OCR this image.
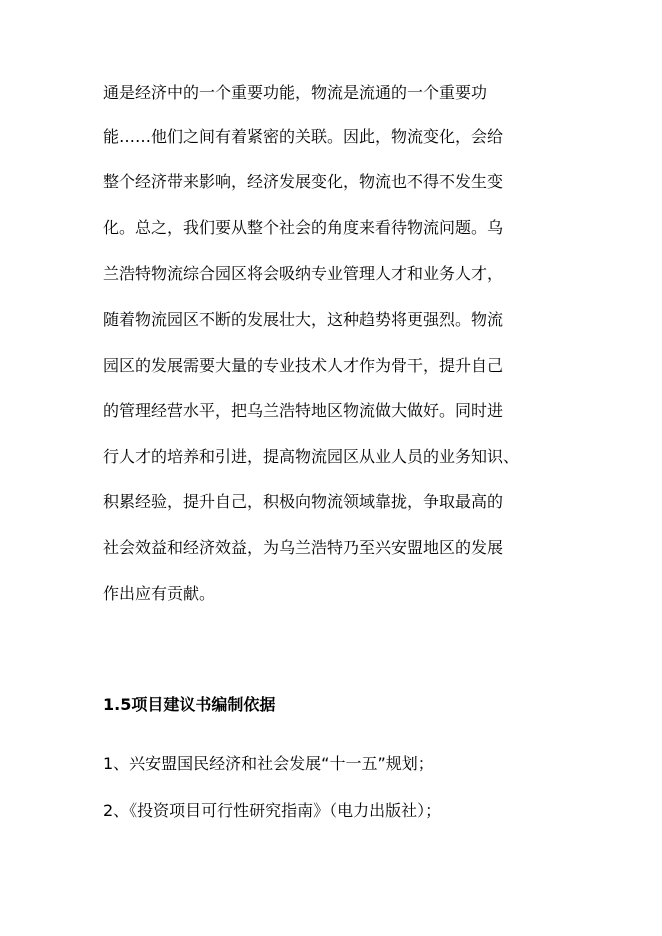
通是经济中的一个重要功能，物流是流通的一个重要功
能……他们之间有着紧密的关联。因此，物流变化，会给
整个经济带来影响，经济发展变化，物流也不得不发生变
化。总之，我们要从整个社会的角度来看待物流问题。乌
兰浩特物流综合园区将会吸纳专业管理人才和业务人才，
随着物流园区不断的发展壮大，这种趋势将更强烈。物流
园区的发展需要大量的专业技术人才作为骨干，提升自己
的管理经营水平，把乌兰浩特地区物流做大做好。同时进
行人才的培养和引进，提高物流园区从业人员的业务知识、
积累经验，提升自己，积极向物流领域靠拢，争取最高的
社会效益和经济效益，为乌兰浩特乃至兴安盟地区的发展
作出应有贡献。
1.5项目建议书编制依据
1、兴安盟国民经济和社会发展“十一五”规划；
2、《投资项目可行性研究指南》（电力出版社）；
